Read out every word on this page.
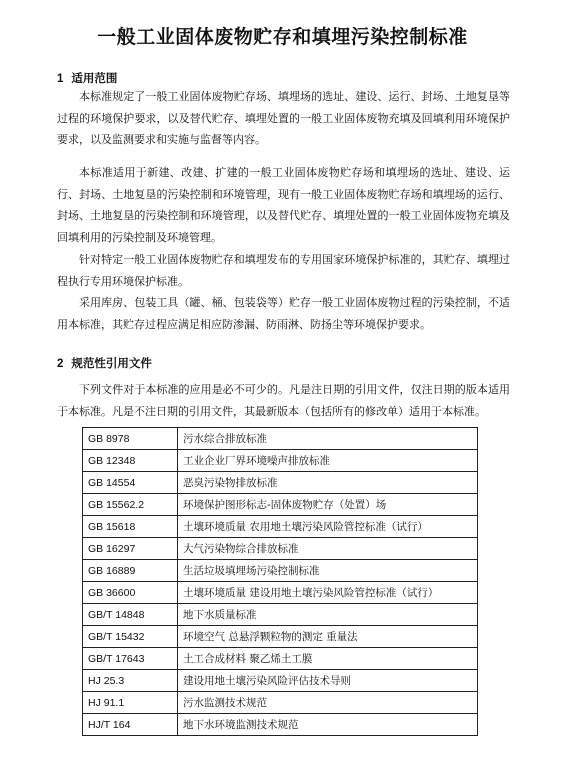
一般工业固体废物贮存和填埋污染控制标准
1 适用范围

本标准规定了一般工业固体废物贮存场、填埋场的选址、建设、运行、封场、土地复垦等过程的环境保护要求，以及替代贮存、填埋处置的一般工业固体废物充填及回填利用环境保护要求，以及监测要求和实施与监督等内容。

本标准适用于新建、改建、扩建的一般工业固体废物贮存场和填埋场的选址、建设、运行、封场、土地复垦的污染控制和环境管理，现有一般工业固体废物贮存场和填埋场的运行、封场、土地复垦的污染控制和环境管理，以及替代贮存、填埋处置的一般工业固体废物充填及回填利用的污染控制及环境管理。

针对特定一般工业固体废物贮存和填埋发布的专用国家环境保护标准的，其贮存、填埋过程执行专用环境保护标准。

采用库房、包装工具（罐、桶、包装袋等）贮存一般工业固体废物过程的污染控制，不适用本标准，其贮存过程应满足相应防渗漏、防雨淋、防扬尘等环境保护要求。

2 规范性引用文件

下列文件对于本标准的应用是必不可少的。凡是注日期的引用文件，仅注日期的版本适用于本标准。凡是不注日期的引用文件，其最新版本（包括所有的修改单）适用于本标准。

GB 8978	污水综合排放标准
GB 12348	工业企业厂界环境噪声排放标准
GB 14554	恶臭污染物排放标准
GB 15562.2	环境保护图形标志-固体废物贮存（处置）场
GB 15618	土壤环境质量 农用地土壤污染风险管控标准（试行）
GB 16297	大气污染物综合排放标准
GB 16889	生活垃圾填埋场污染控制标准
GB 36600	土壤环境质量 建设用地土壤污染风险管控标准（试行）
GB/T 14848	地下水质量标准
GB/T 15432	环境空气 总悬浮颗粒物的测定 重量法
GB/T 17643	土工合成材料 聚乙烯土工膜
HJ 25.3	建设用地土壤污染风险评估技术导则
HJ 91.1	污水监测技术规范
HJ/T 164	地下水环境监测技术规范
